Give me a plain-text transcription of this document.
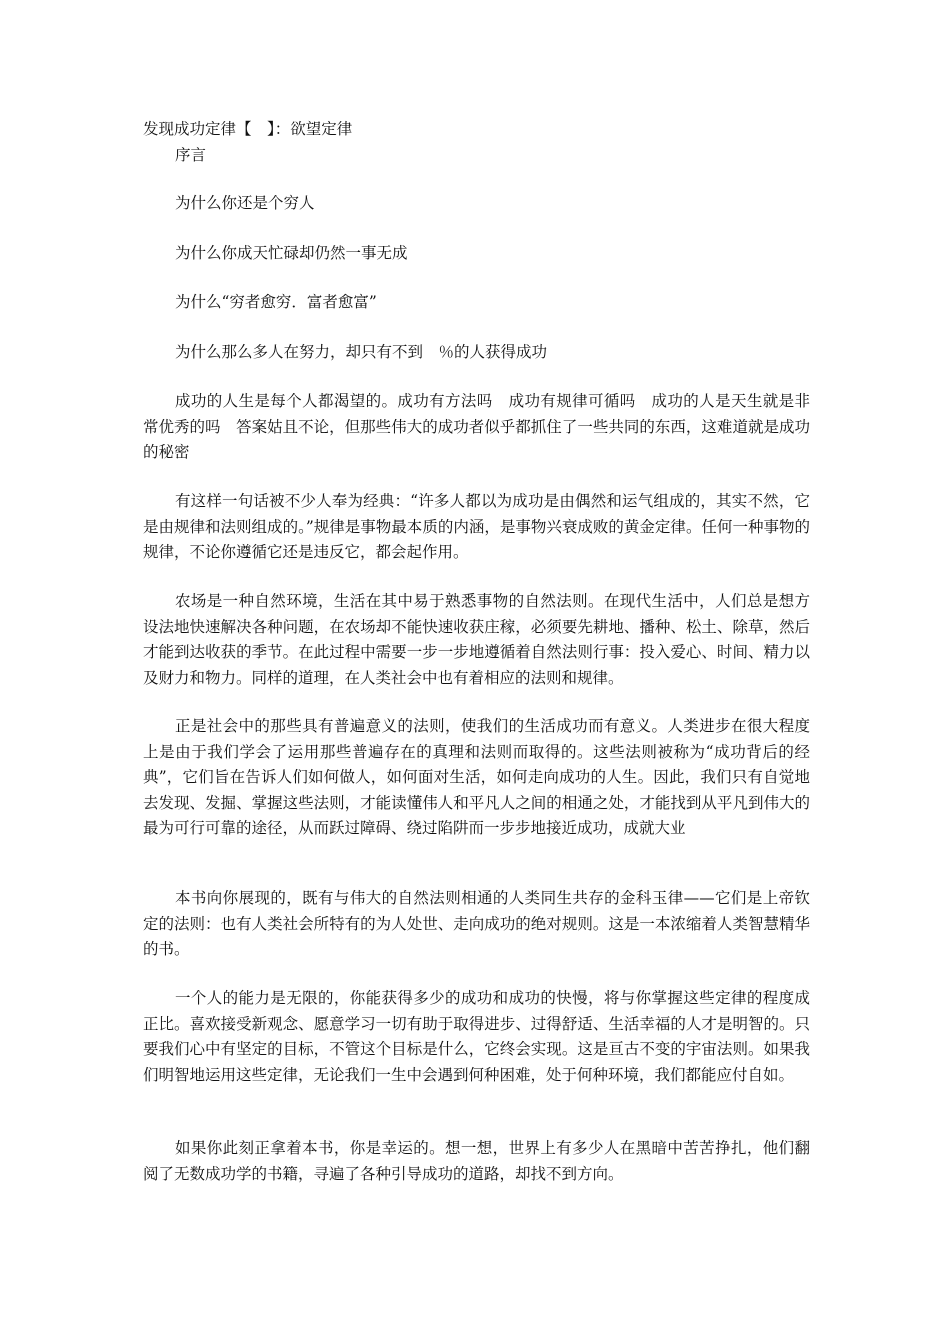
发现成功定律【　】：欲望定律
序言
为什么你还是个穷人
为什么你成天忙碌却仍然一事无成
为什么“穷者愈穷．富者愈富”
为什么那么多人在努力，却只有不到　％的人获得成功

成功的人生是每个人都渴望的。成功有方法吗　成功有规律可循吗　成功的人是天生就是非常优秀的吗　答案姑且不论，但那些伟大的成功者似乎都抓住了一些共同的东西，这难道就是成功的秘密

有这样一句话被不少人奉为经典：“许多人都以为成功是由偶然和运气组成的，其实不然，它是由规律和法则组成的。”规律是事物最本质的内涵，是事物兴衰成败的黄金定律。任何一种事物的规律，不论你遵循它还是违反它，都会起作用。

农场是一种自然环境，生活在其中易于熟悉事物的自然法则。在现代生活中，人们总是想方设法地快速解决各种问题，在农场却不能快速收获庄稼，必须要先耕地、播种、松土、除草，然后才能到达收获的季节。在此过程中需要一步一步地遵循着自然法则行事：投入爱心、时间、精力以及财力和物力。同样的道理，在人类社会中也有着相应的法则和规律。

正是社会中的那些具有普遍意义的法则，使我们的生活成功而有意义。人类进步在很大程度上是由于我们学会了运用那些普遍存在的真理和法则而取得的。这些法则被称为“成功背后的经典”，它们旨在告诉人们如何做人，如何面对生活，如何走向成功的人生。因此，我们只有自觉地去发现、发掘、掌握这些法则，才能读懂伟人和平凡人之间的相通之处，才能找到从平凡到伟大的最为可行可靠的途径，从而跃过障碍、绕过陷阱而一步步地接近成功，成就大业

本书向你展现的，既有与伟大的自然法则相通的人类同生共存的金科玉律——它们是上帝钦定的法则：也有人类社会所特有的为人处世、走向成功的绝对规则。这是一本浓缩着人类智慧精华的书。

一个人的能力是无限的，你能获得多少的成功和成功的快慢，将与你掌握这些定律的程度成正比。喜欢接受新观念、愿意学习一切有助于取得进步、过得舒适、生活幸福的人才是明智的。只要我们心中有坚定的目标，不管这个目标是什么，它终会实现。这是亘古不变的宇宙法则。如果我们明智地运用这些定律，无论我们一生中会遇到何种困难，处于何种环境，我们都能应付自如。

如果你此刻正拿着本书，你是幸运的。想一想，世界上有多少人在黑暗中苦苦挣扎，他们翻阅了无数成功学的书籍，寻遍了各种引导成功的道路，却找不到方向。
